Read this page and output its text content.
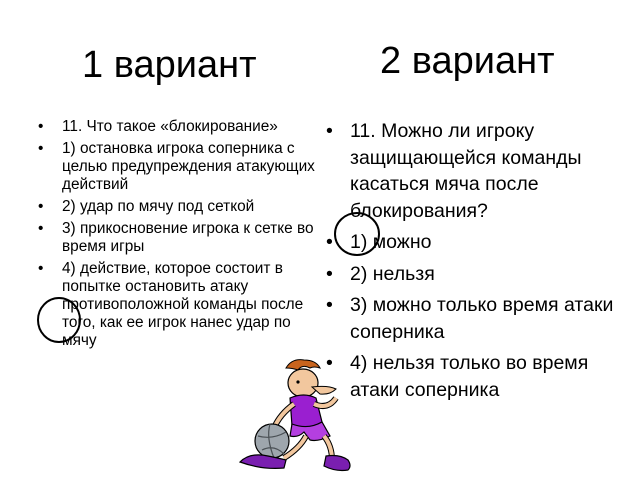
1 вариант	2 вариант
• 11. Что такое «блокирование»
• 1) остановка игрока соперника с целью предупреждения атакующих действий
• 2) удар по мячу под сеткой
• 3) прикосновение игрока к сетке во время игры
• 4) действие, которое состоит в попытке остановить атаку противоположной команды после того, как ее игрок нанес удар по мячу
• 11. Можно ли игроку защищающейся команды касаться мяча после блокирования?
• 1) можно
• 2) нельзя
• 3) можно только время атаки соперника
• 4) нельзя только во время атаки соперника
